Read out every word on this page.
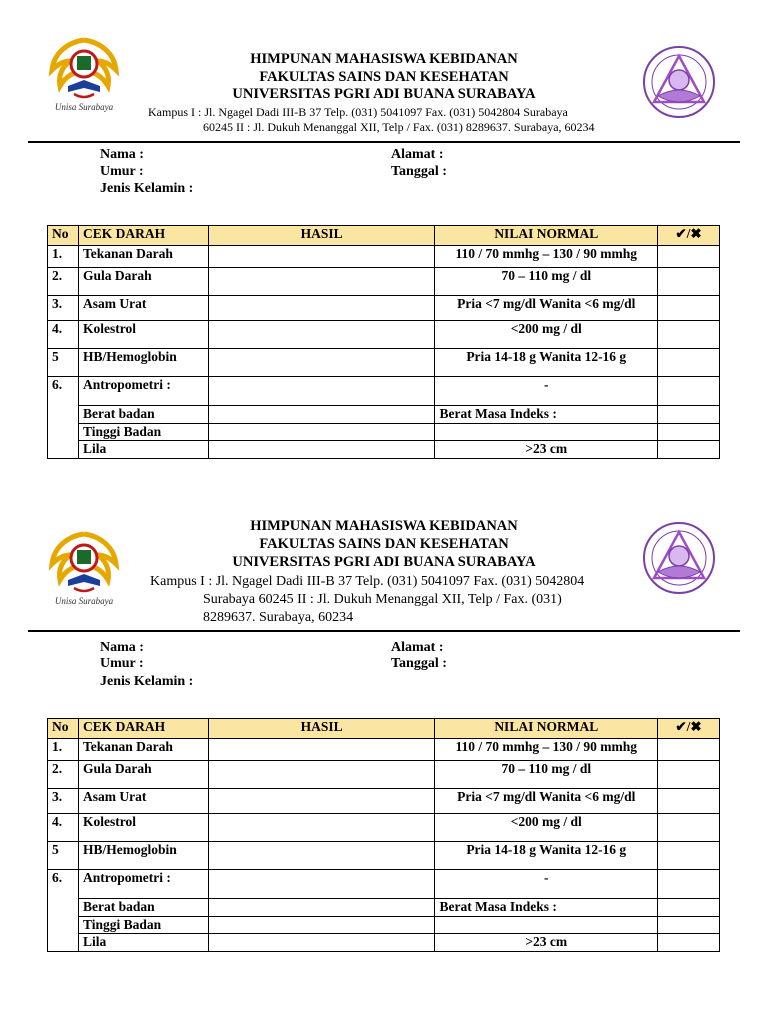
Unisa Surabaya
HIMPUNAN MAHASISWA KEBIDANAN
FAKULTAS SAINS DAN KESEHATAN
UNIVERSITAS PGRI ADI BUANA SURABAYA
Kampus I : Jl. Ngagel Dadi III-B 37 Telp. (031) 5041097 Fax. (031) 5042804 Surabaya
60245 II : Jl. Dukuh Menanggal XII, Telp / Fax. (031) 8289637. Surabaya, 60234
Nama :
Umur :
Jenis Kelamin :
Alamat :
Tanggal :
No	CEK DARAH	HASIL	NILAI NORMAL	✔/✖
1.	Tekanan Darah		110 / 70 mmhg – 130 / 90 mmhg	
2.	Gula Darah		70 – 110 mg / dl	
3.	Asam Urat		Pria <7 mg/dl Wanita <6 mg/dl	
4.	Kolestrol		<200 mg / dl	
5	HB/Hemoglobin		Pria 14-18 g Wanita 12-16 g	
6.	Antropometri :		-	
	Berat badan		Berat Masa Indeks :	
	Tinggi Badan			
	Lila		>23 cm	
Unisa Surabaya
HIMPUNAN MAHASISWA KEBIDANAN
FAKULTAS SAINS DAN KESEHATAN
UNIVERSITAS PGRI ADI BUANA SURABAYA
Kampus I : Jl. Ngagel Dadi III-B 37 Telp. (031) 5041097 Fax. (031) 5042804
Surabaya 60245 II : Jl. Dukuh Menanggal XII, Telp / Fax. (031)
8289637. Surabaya, 60234
Nama :
Umur :
Jenis Kelamin :
Alamat :
Tanggal :
No	CEK DARAH	HASIL	NILAI NORMAL	✔/✖
1.	Tekanan Darah		110 / 70 mmhg – 130 / 90 mmhg	
2.	Gula Darah		70 – 110 mg / dl	
3.	Asam Urat		Pria <7 mg/dl Wanita <6 mg/dl	
4.	Kolestrol		<200 mg / dl	
5	HB/Hemoglobin		Pria 14-18 g Wanita 12-16 g	
6.	Antropometri :		-	
	Berat badan		Berat Masa Indeks :	
	Tinggi Badan			
	Lila		>23 cm	
